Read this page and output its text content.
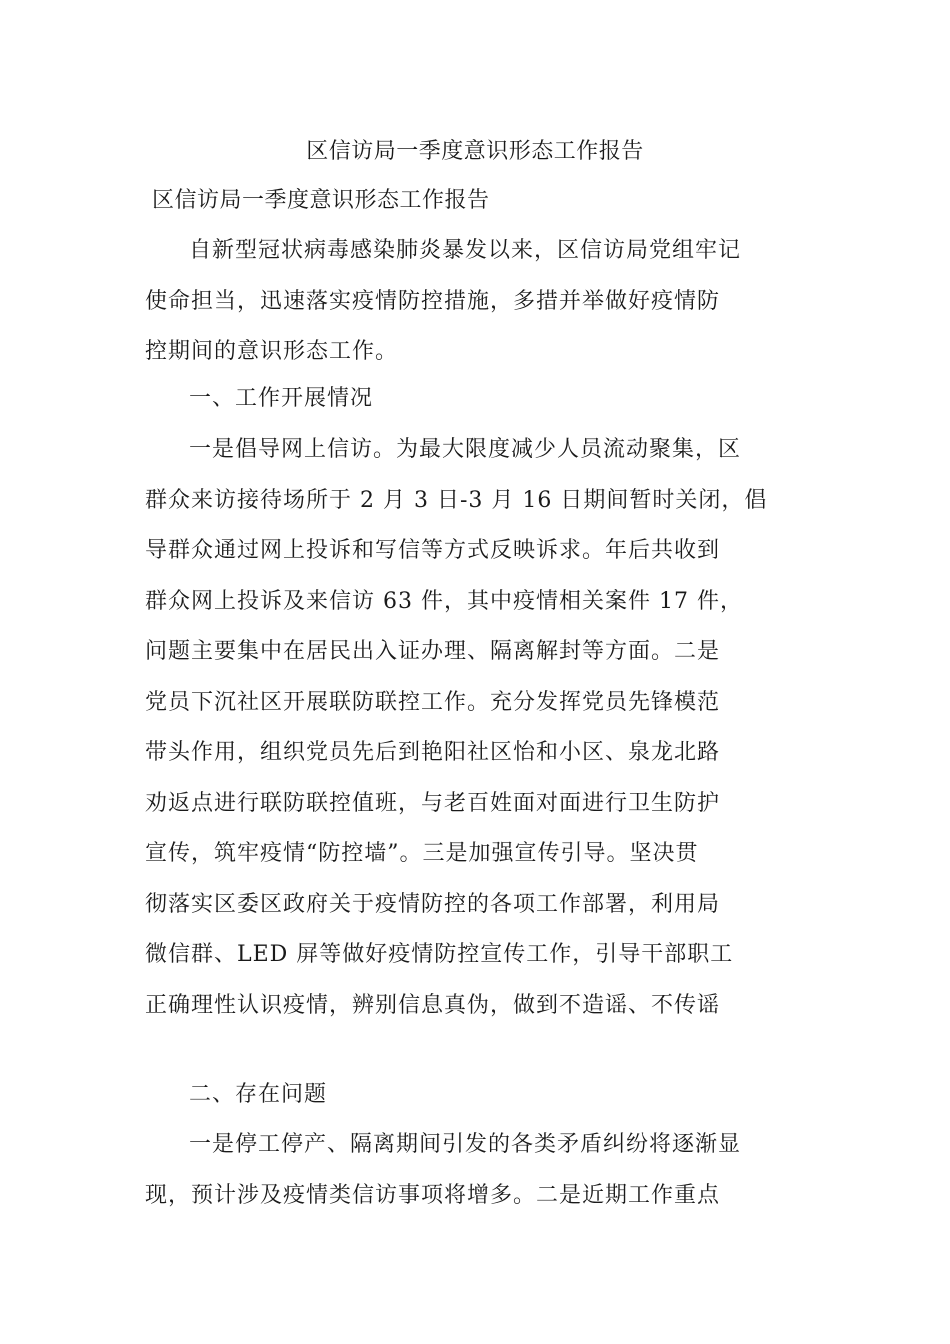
区信访局一季度意识形态工作报告
区信访局一季度意识形态工作报告
自新型冠状病毒感染肺炎暴发以来，区信访局党组牢记
使命担当，迅速落实疫情防控措施，多措并举做好疫情防
控期间的意识形态工作。
一、工作开展情况
一是倡导网上信访。为最大限度减少人员流动聚集，区
群众来访接待场所于 2 月 3 日-3 月 16 日期间暂时关闭，倡
导群众通过网上投诉和写信等方式反映诉求。年后共收到
群众网上投诉及来信访 63 件，其中疫情相关案件 17 件，
问题主要集中在居民出入证办理、隔离解封等方面。二是
党员下沉社区开展联防联控工作。充分发挥党员先锋模范
带头作用，组织党员先后到艳阳社区怡和小区、泉龙北路
劝返点进行联防联控值班，与老百姓面对面进行卫生防护
宣传，筑牢疫情“防控墙”。三是加强宣传引导。坚决贯
彻落实区委区政府关于疫情防控的各项工作部署，利用局
微信群、LED 屏等做好疫情防控宣传工作，引导干部职工
正确理性认识疫情，辨别信息真伪，做到不造谣、不传谣
二、存在问题
一是停工停产、隔离期间引发的各类矛盾纠纷将逐渐显
现，预计涉及疫情类信访事项将增多。二是近期工作重点
